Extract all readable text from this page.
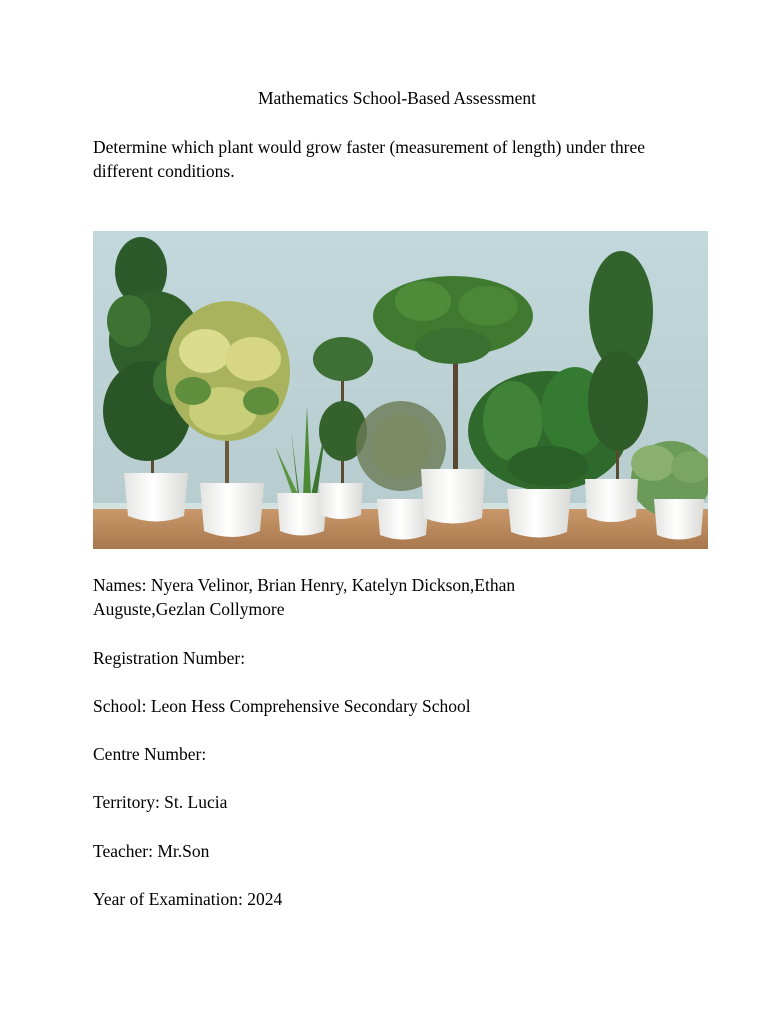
Mathematics School-Based Assessment
Determine which plant would grow faster (measurement of length) under three different conditions.
Names: Nyera Velinor, Brian Henry, Katelyn Dickson,Ethan Auguste,Gezlan Collymore
Registration Number:
School: Leon Hess Comprehensive Secondary School
Centre Number:
Territory: St. Lucia
Teacher: Mr.Son
Year of Examination: 2024
